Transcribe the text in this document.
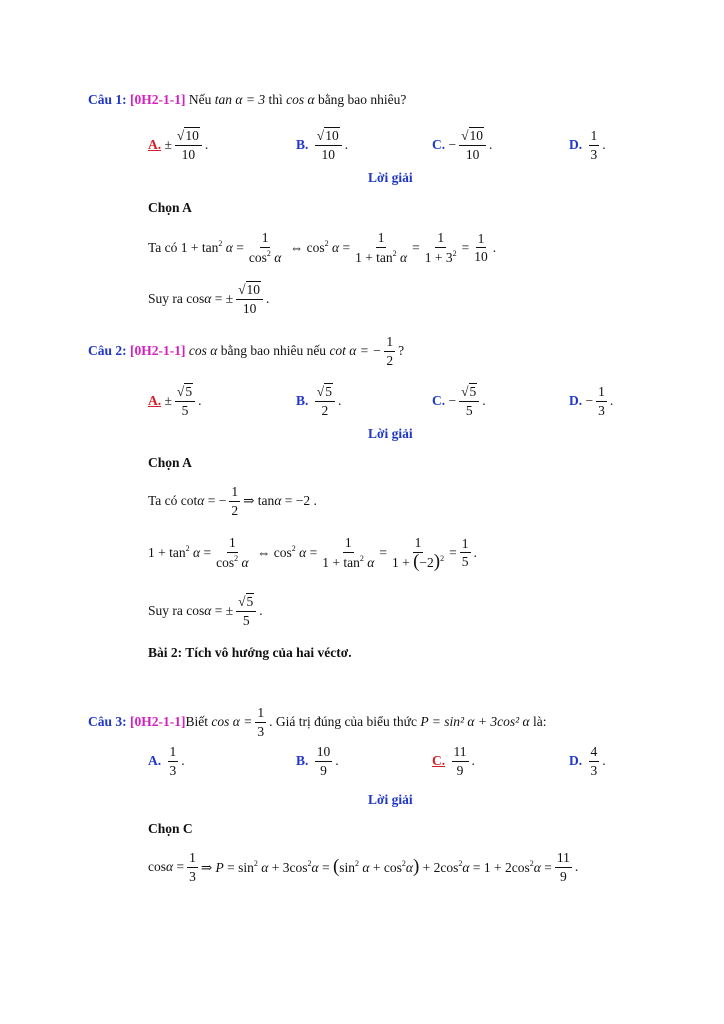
Câu 1:
[0H2-1-1]
Nếu
tan α = 3
thì
cos α
bằng bao nhiêu?
A.
± $\frac{√10}{10}$ .	B.

√10
10
.	C.
− $\frac{√10}{10}$ .	D.

1
3
.
Lời giải
Chọn A
Ta có
$1 + \tan^2 \alpha = \frac{1}{\cos^2 \alpha}$ ⇔ $\cos^2 \alpha = \frac{1}{1 + \tan^2 \alpha}$ =
1
$1 + 3^2$ =
1
10
.
Suy ra
cosα = ± $\frac{√10}{10}$ .
Câu 2:
[0H2-1-1]
cos α
bằng bao nhiêu nếu
cot α = − $\frac{1}{2}$ ?
A.
± $\frac{√5}{5}$ .	B.

√5
2
.	C.
− $\frac{√5}{5}$ .	D.
− $\frac{1}{3}$ .
Lời giải
Chọn A
Ta có
cotα = − $\frac{1}{2}$ ⇒ tanα = −2 .
$1 + \tan^2 \alpha = \frac{1}{\cos^2 \alpha}$ ⇔ $\cos^2 \alpha = \frac{1}{1 + \tan^2 \alpha}$ =
1
$1 + (-2)^2$ =
1
5
.
Suy ra
cosα = ± $\frac{√5}{5}$ .
Bài 2: Tích vô hướng của hai véctơ.
Câu 3:
[0H2-1-1] Biết
$\cos \alpha = \frac{1}{3}$ . Giá trị đúng của biểu thức
P = sin² α + 3cos² α
là:
A.

1
3
.	B.

10
9
.	C.

11
9
.	D.

4
3
.
Lời giải
Chọn C
$\cos\alpha = \frac{1}{3}$ ⇒ $P = \sin^2 \alpha + 3\cos^2\alpha = (\sin^2$ $\alpha + \cos^2\alpha) + 2\cos^2\alpha = 1 + 2\cos^2\alpha = \frac{11}{9}$ .
